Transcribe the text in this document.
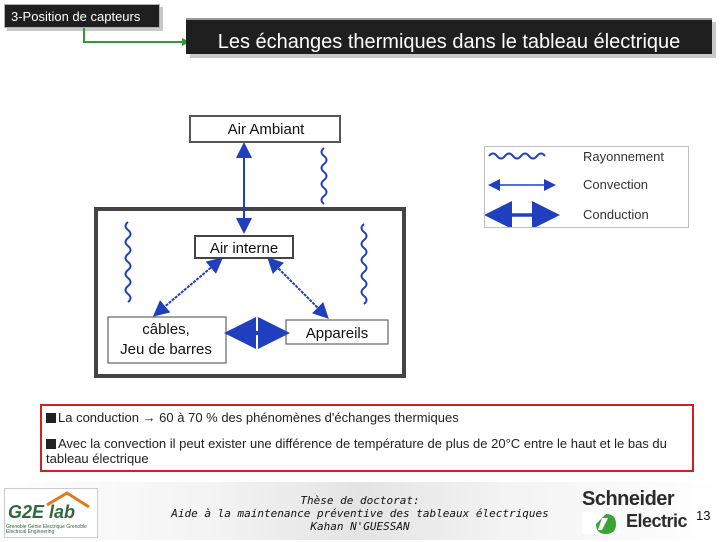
3-Position de capteurs
Les échanges thermiques dans le tableau électrique
Air Ambiant
Air interne
câbles,
Jeu de barres
Appareils
Rayonnement
Convection
Conduction
La conduction → 60 à 70 % des phénomènes d'échanges thermiques
Avec la convection il peut exister une différence de température de plus de 20°C entre le haut et le bas du tableau électrique
G2E lab
Grenoble Génie Electrique Grenoble Electrical Engineering
Thèse de doctorat:
Aide à la maintenance préventive des tableaux électriques
Kahan N'GUESSAN
Schneider
Electric 13
